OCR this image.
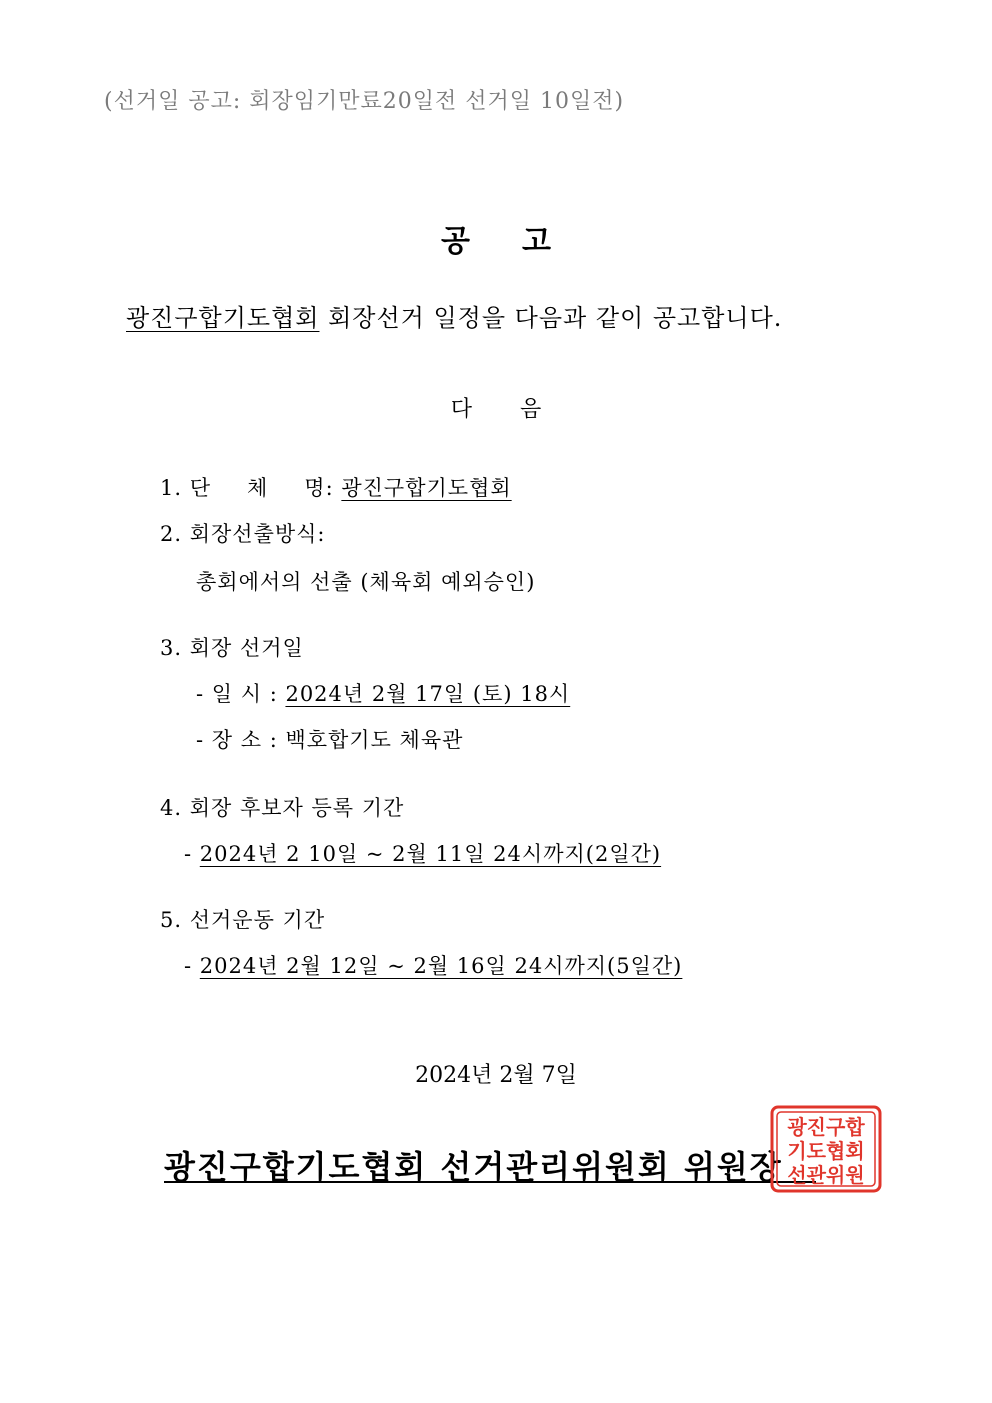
(선거일 공고: 회장임기만료20일전 선거일 10일전)
공 고
광진구합기도협회 회장선거 일정을 다음과 같이 공고합니다.
다 음
1. 단 체 명: 광진구합기도협회
2. 회장선출방식:
총회에서의 선출 (체육회 예외승인)
3. 회장 선거일
- 일 시 : 2024년 2월 17일 (토) 18시
- 장 소 : 백호합기도 체육관
4. 회장 후보자 등록 기간
- 2024년 2 10일 ~ 2월 11일 24시까지(2일간)
5. 선거운동 기간
- 2024년 2월 12일 ~ 2월 16일 24시까지(5일간)
2024년 2월 7일
광진구합기도협회 선거관리위원회 위원장
광진구합
기도협회
선관위원
